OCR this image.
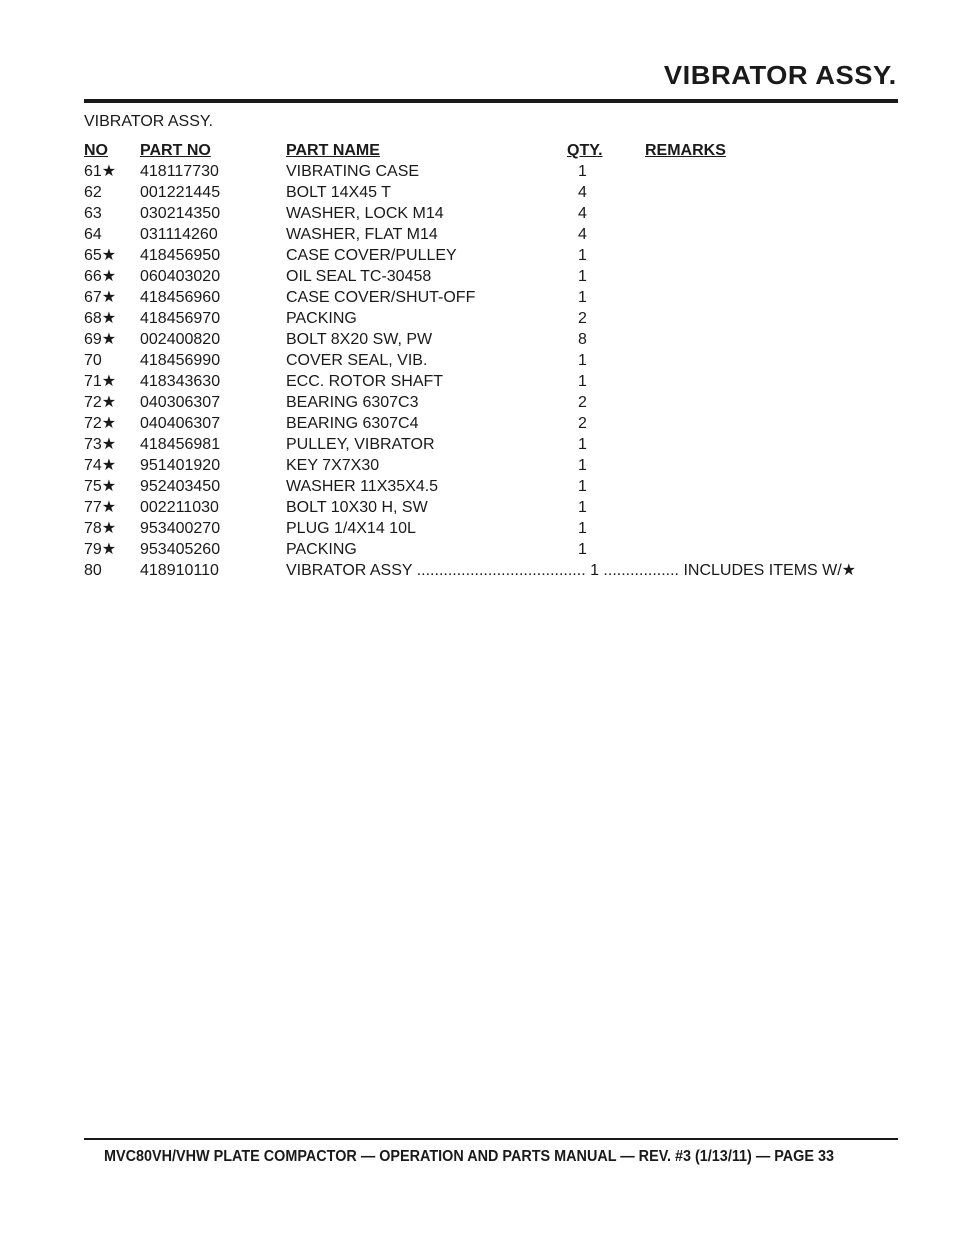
VIBRATOR ASSY.
VIBRATOR ASSY.
NO PART NO	PART NAME	QTY.	REMARKS
61★ 418117730	VIBRATING CASE	1
62 001221445	BOLT 14X45 T	4
63 030214350	WASHER, LOCK M14	4
64 031114260	WASHER, FLAT M14	4
65★ 418456950	CASE COVER/PULLEY	1
66★ 060403020	OIL SEAL TC-30458	1
67★ 418456960	CASE COVER/SHUT-OFF	1
68★ 418456970	PACKING	2
69★ 002400820	BOLT 8X20 SW, PW	8
70 418456990	COVER SEAL, VIB.	1
71★ 418343630	ECC. ROTOR SHAFT	1
72★ 040306307	BEARING 6307C3	2
72★ 040406307	BEARING 6307C4	2
73★ 418456981	PULLEY, VIBRATOR	1
74★ 951401920	KEY 7X7X30	1
75★ 952403450	WASHER 11X35X4.5	1
77★ 002211030	BOLT 10X30 H, SW	1
78★ 953400270	PLUG 1/4X14 10L	1
79★ 953405260	PACKING	1
80 418910110	VIBRATOR ASSY ...................................... 1 ................. INCLUDES ITEMS W/★
MVC80VH/VHW PLATE COMPACTOR — OPERATION AND PARTS MANUAL — REV. #3 (1/13/11) — PAGE 33
